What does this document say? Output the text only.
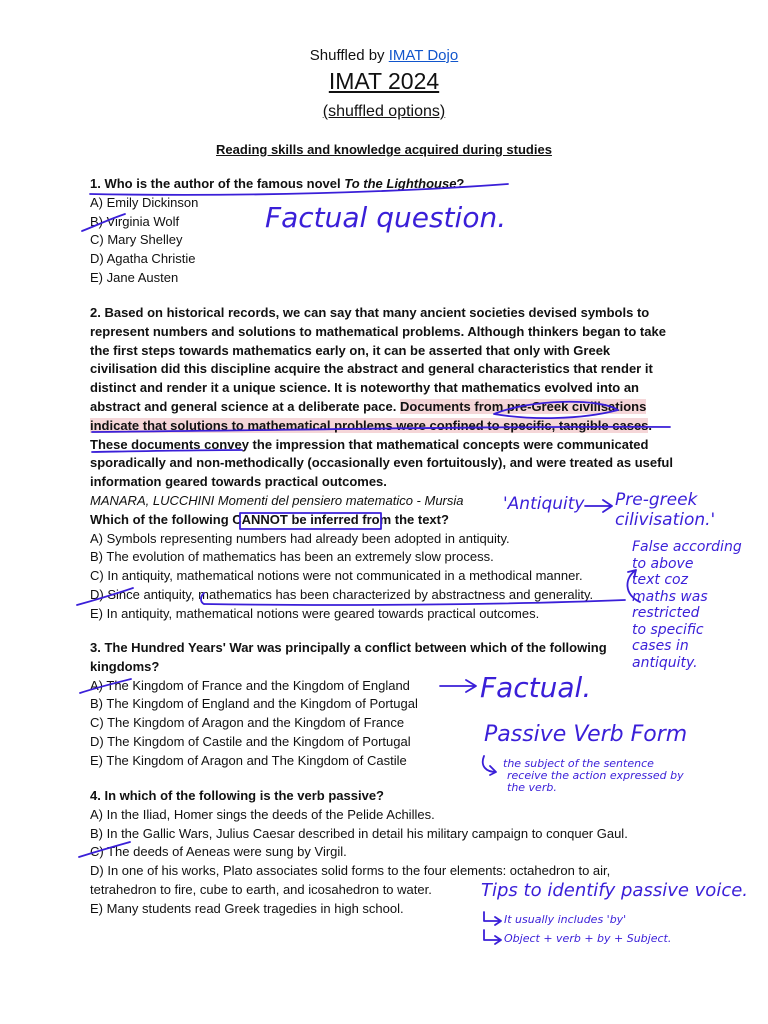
Shuffled by IMAT Dojo
IMAT 2024
(shuffled options)
Reading skills and knowledge acquired during studies
1. Who is the author of the famous novel To the Lighthouse?
A) Emily Dickinson
B) Virginia Wolf
C) Mary Shelley
D) Agatha Christie
E) Jane Austen
2. Based on historical records, we can say that many ancient societies devised symbols to represent numbers and solutions to mathematical problems. Although thinkers began to take the first steps towards mathematics early on, it can be asserted that only with Greek civilisation did this discipline acquire the abstract and general characteristics that render it distinct and render it a unique science. It is noteworthy that mathematics evolved into an abstract and general science at a deliberate pace. Documents from pre-Greek civilisations indicate that solutions to mathematical problems were confined to specific, tangible cases. These documents convey the impression that mathematical concepts were communicated sporadically and non-methodically (occasionally even fortuitously), and were treated as useful information geared towards practical outcomes.
MANARA, LUCCHINI Momenti del pensiero matematico - Mursia
Which of the following CANNOT be inferred from the text?
A) Symbols representing numbers had already been adopted in antiquity.
B) The evolution of mathematics has been an extremely slow process.
C) In antiquity, mathematical notions were not communicated in a methodical manner.
D) Since antiquity, mathematics has been characterized by abstractness and generality.
E) In antiquity, mathematical notions were geared towards practical outcomes.
3. The Hundred Years' War was principally a conflict between which of the following kingdoms?
A) The Kingdom of France and the Kingdom of England
B) The Kingdom of England and the Kingdom of Portugal
C) The Kingdom of Aragon and the Kingdom of France
D) The Kingdom of Castile and the Kingdom of Portugal
E) The Kingdom of Aragon and The Kingdom of Castile
4. In which of the following is the verb passive?
A) In the Iliad, Homer sings the deeds of the Pelide Achilles.
B) In the Gallic Wars, Julius Caesar described in detail his military campaign to conquer Gaul.
C) The deeds of Aeneas were sung by Virgil.
D) In one of his works, Plato associates solid forms to the four elements: octahedron to air, tetrahedron to fire, cube to earth, and icosahedron to water.
E) Many students read Greek tragedies in high school.
Factual question.
'Antiquity Pre-greek
cilivisation.'
False according
to above
text coz
maths was
restricted
to specific
cases in
antiquity.
Factual.
Passive Verb Form
the subject of the sentence
receive the action expressed by
the verb.
Tips to identify passive voice.
It usually includes 'by'
Object + verb + by + Subject.
